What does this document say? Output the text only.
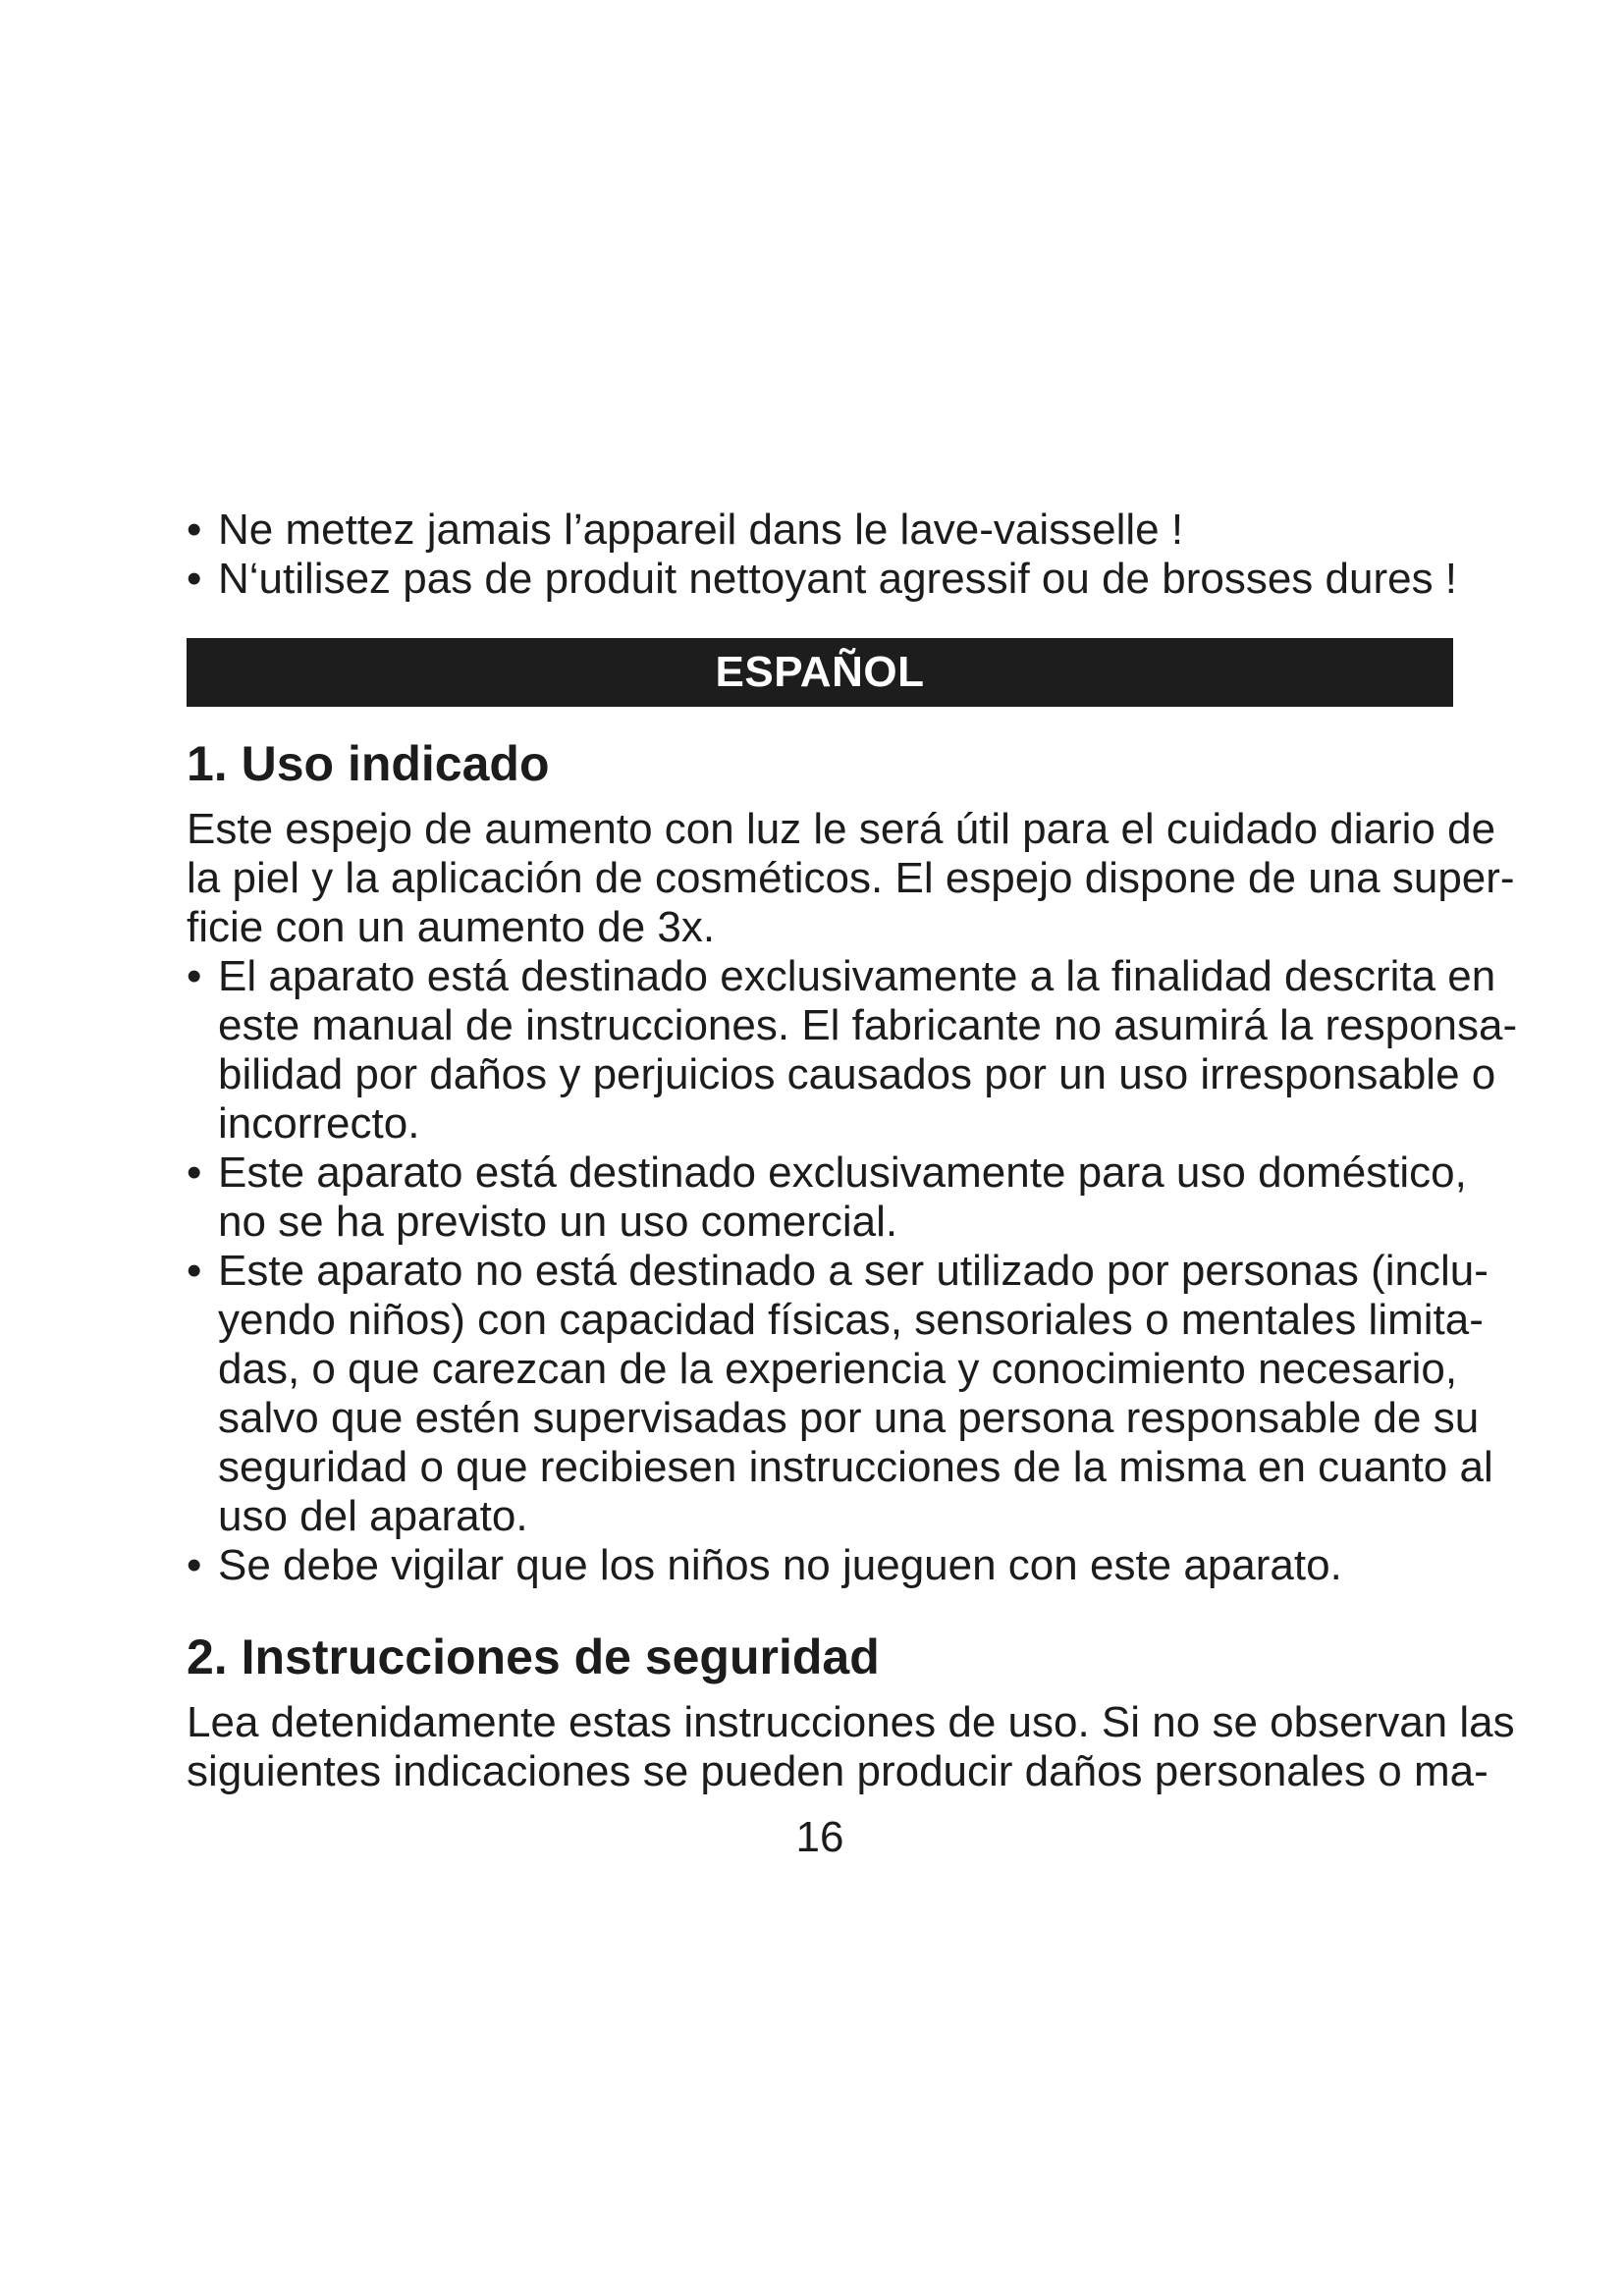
• Ne mettez jamais l’appareil dans le lave-vaisselle !

• N‘utilisez pas de produit nettoyant agressif ou de brosses dures !

ESPAÑOL
1. Uso indicado

Este espejo de aumento con luz le será útil para el cuidado diario de

la piel y la aplicación de cosméticos. El espejo dispone de una super-

ficie con un aumento de 3x.

• El aparato está destinado exclusivamente a la finalidad descrita en

este manual de instrucciones. El fabricante no asumirá la responsa-

bilidad por daños y perjuicios causados por un uso irresponsable o

incorrecto.

• Este aparato está destinado exclusivamente para uso doméstico,

no se ha previsto un uso comercial.

• Este aparato no está destinado a ser utilizado por personas (inclu-

yendo niños) con capacidad físicas, sensoriales o mentales limita-

das, o que carezcan de la experiencia y conocimiento necesario,

salvo que estén supervisadas por una persona responsable de su

seguridad o que recibiesen instrucciones de la misma en cuanto al

uso del aparato.

• Se debe vigilar que los niños no jueguen con este aparato.

2. Instrucciones de seguridad

Lea detenidamente estas instrucciones de uso. Si no se observan las

siguientes indicaciones se pueden producir daños personales o ma-

16
